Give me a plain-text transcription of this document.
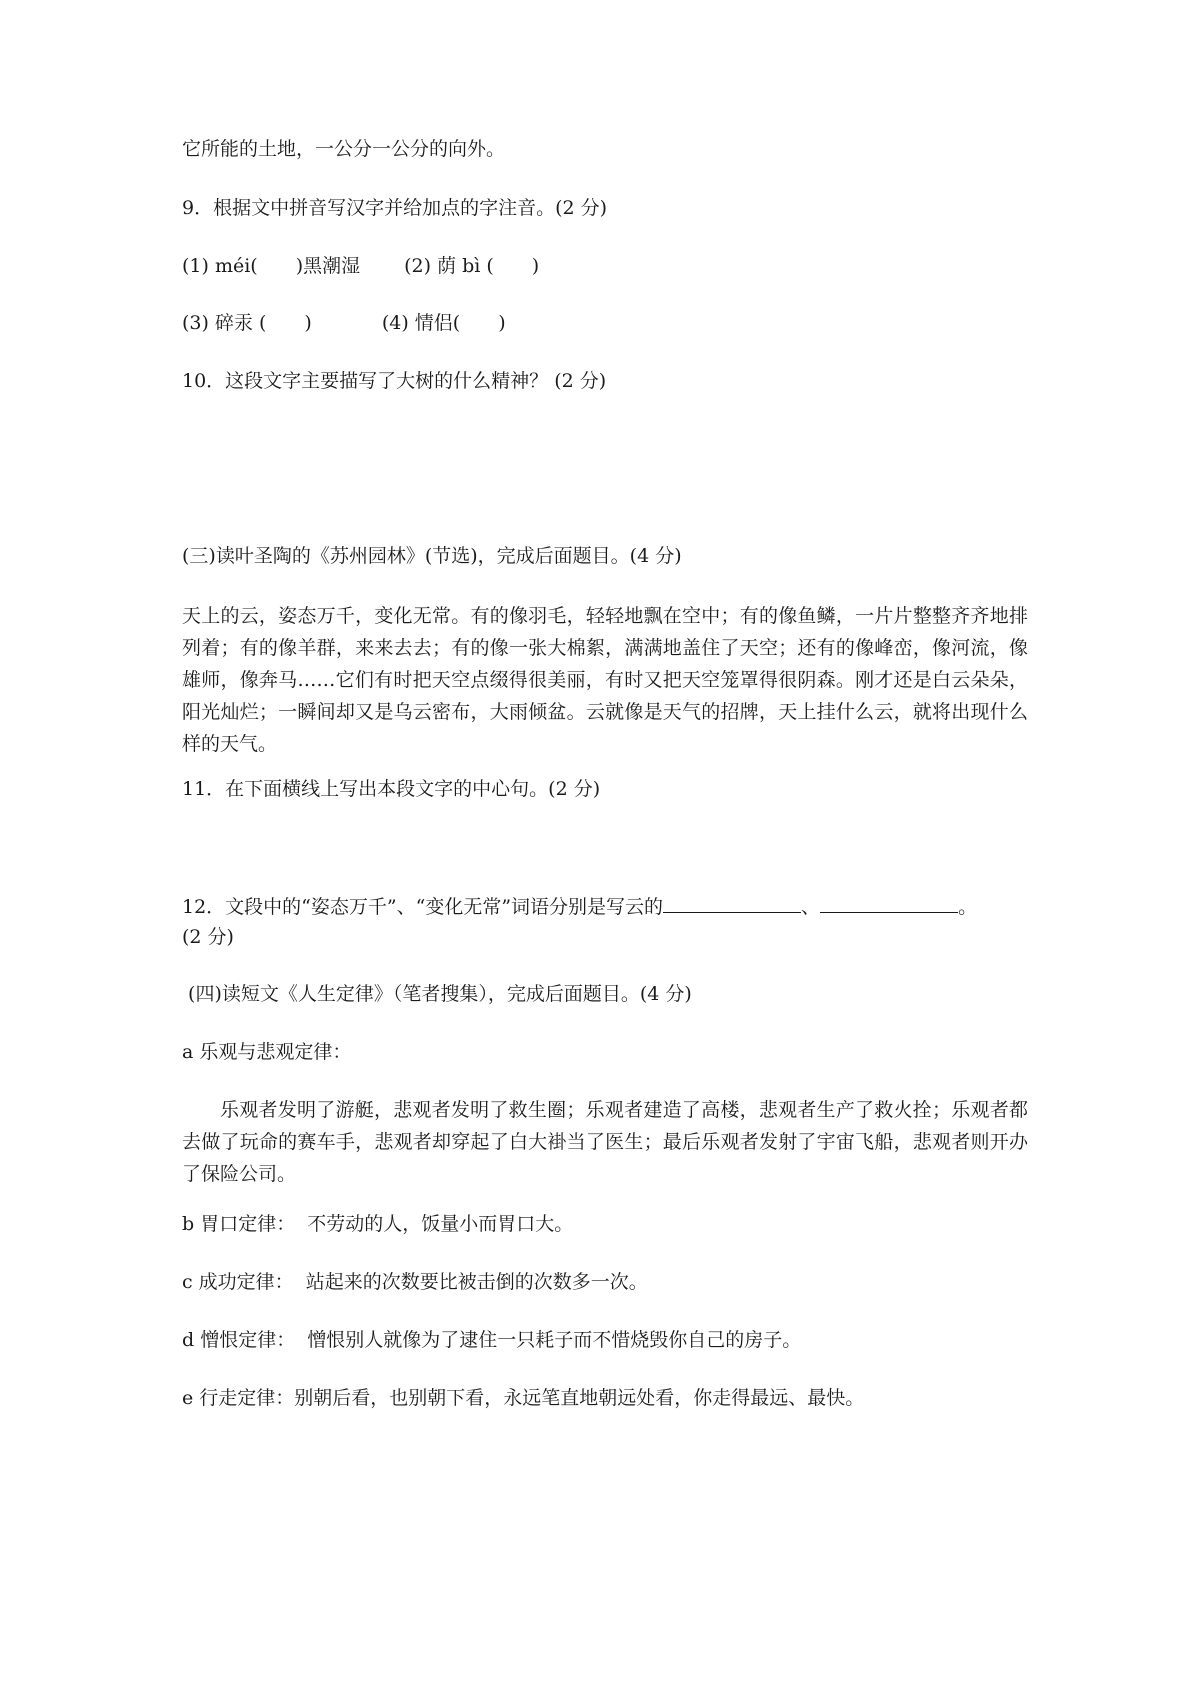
它所能的土地，一公分一公分的向外。
9．根据文中拼音写汉字并给加点的字注音。(2 分)
(1) méi(　　)黑潮湿 (2) 荫 bì (　　)
(3) 碎汞 (　　)	(4) 情侣(　　)
10．这段文字主要描写了大树的什么精神？ (2 分)
(三)读叶圣陶的《苏州园林》(节选)，完成后面题目。(4 分)
天上的云，姿态万千，变化无常。有的像羽毛，轻轻地飘在空中；有的像鱼鳞，一片片整整齐齐地排列着；有的像羊群，来来去去；有的像一张大棉絮，满满地盖住了天空；还有的像峰峦，像河流，像雄师，像奔马……它们有时把天空点缀得很美丽，有时又把天空笼罩得很阴森。刚才还是白云朵朵，阳光灿烂；一瞬间却又是乌云密布，大雨倾盆。云就像是天气的招牌，天上挂什么云，就将出现什么样的天气。
11．在下面横线上写出本段文字的中心句。(2 分)
12．文段中的“姿态万千”、“变化无常”词语分别是写云的	、	。
(2 分)
(四)读短文《人生定律》（笔者搜集），完成后面题目。(4 分)
a 乐观与悲观定律：
乐观者发明了游艇，悲观者发明了救生圈；乐观者建造了高楼，悲观者生产了救火拴；乐观者都去做了玩命的赛车手，悲观者却穿起了白大褂当了医生；最后乐观者发射了宇宙飞船，悲观者则开办了保险公司。
b 胃口定律：  不劳动的人，饭量小而胃口大。
c 成功定律：  站起来的次数要比被击倒的次数多一次。
d 憎恨定律：  憎恨别人就像为了逮住一只耗子而不惜烧毁你自己的房子。
e 行走定律：别朝后看，也别朝下看，永远笔直地朝远处看，你走得最远、最快。
